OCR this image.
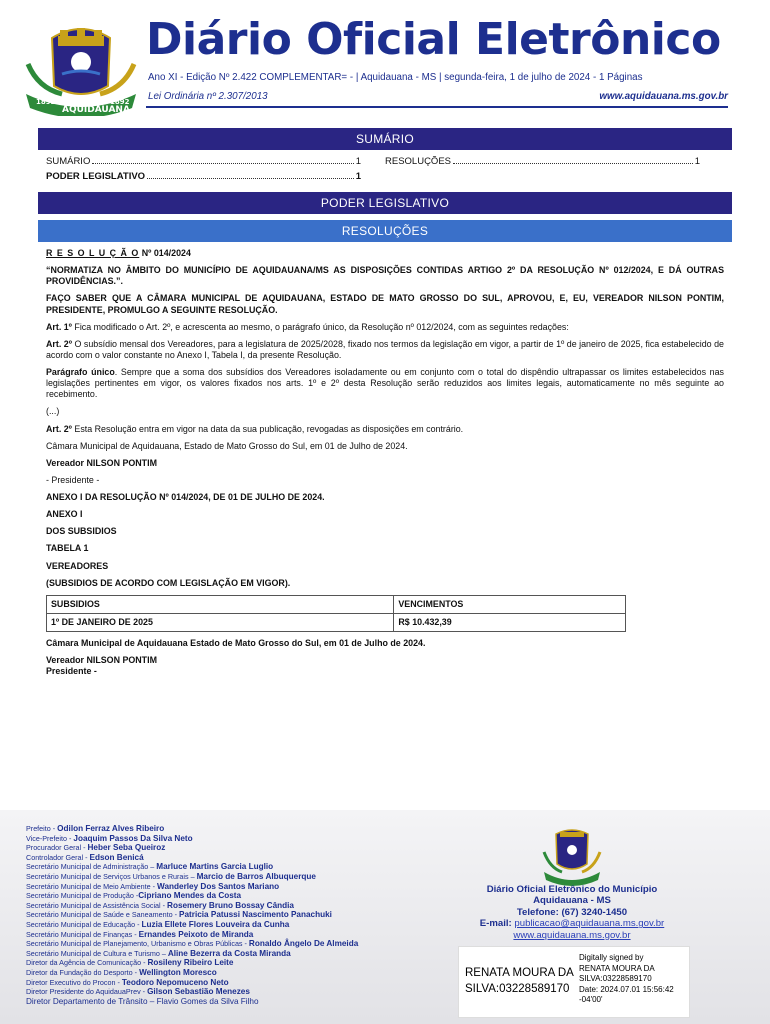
1892
AQUIDAUANA
1892
Diário Oficial Eletrônico
Ano XI - Edição Nº 2.422 COMPLEMENTAR= - | Aquidauana - MS | segunda-feira, 1 de julho de 2024 - 1 Páginas
Lei Ordinária nº 2.307/2013	www.aquidauana.ms.gov.br
SUMÁRIO
SUMÁRIO	1
PODER LEGISLATIVO	1
RESOLUÇÕES	1
PODER LEGISLATIVO
RESOLUÇÕES

R E S O L U Ç Ã O Nº 014/2024

“NORMATIZA NO ÂMBITO DO MUNICÍPIO DE AQUIDAUANA/MS AS DISPOSIÇÕES CONTIDAS ARTIGO 2º DA RESOLUÇÃO Nº 012/2024, E DÁ OUTRAS PROVIDÊNCIAS.”.

FAÇO SABER QUE A CÂMARA MUNICIPAL DE AQUIDAUANA, ESTADO DE MATO GROSSO DO SUL, APROVOU, E, EU, VEREADOR NILSON PONTIM, PRESIDENTE, PROMULGO A SEGUINTE RESOLUÇÃO.

Art. 1º Fica modificado o Art. 2º, e acrescenta ao mesmo, o parágrafo único, da Resolução nº 012/2024, com as seguintes redações:

Art. 2º O subsídio mensal dos Vereadores, para a legislatura de 2025/2028, fixado nos termos da legislação em vigor, a partir de 1º de janeiro de 2025, fica estabelecido de acordo com o valor constante no Anexo I, Tabela I, da presente Resolução.

Parágrafo único. Sempre que a soma dos subsídios dos Vereadores isoladamente ou em conjunto com o total do dispêndio ultrapassar os limites estabelecidos nas legislações pertinentes em vigor, os valores fixados nos arts. 1º e 2º desta Resolução serão reduzidos aos limites legais, automaticamente no mês seguinte ao recebimento.

(...)

Art. 2º Esta Resolução entra em vigor na data da sua publicação, revogadas as disposições em contrário.

Câmara Municipal de Aquidauana, Estado de Mato Grosso do Sul, em 01 de Julho de 2024.

Vereador NILSON PONTIM

- Presidente -

ANEXO I DA RESOLUÇÃO Nº 014/2024, DE 01 DE JULHO DE 2024.

ANEXO I

DOS SUBSIDIOS

TABELA 1

VEREADORES

(SUBSIDIOS DE ACORDO COM LEGISLAÇÃO EM VIGOR).

SUBSIDIOS	VENCIMENTOS
1º DE JANEIRO DE 2025	R$ 10.432,39

Câmara Municipal de Aquidauana Estado de Mato Grosso do Sul, em 01 de Julho de 2024.

Vereador NILSON PONTIM

Presidente -

Prefeito - Odilon Ferraz Alves Ribeiro
Vice-Prefeito - Joaquim Passos Da Silva Neto
Procurador Geral - Heber Seba Queiroz
Controlador Geral - Edson Benicá
Secretário Municipal de Administração – Marluce Martins Garcia Luglio
Secretário Municipal de Serviços Urbanos e Rurais – Marcio de Barros Albuquerque
Secretário Municipal de Meio Ambiente - Wanderley Dos Santos Mariano
Secretário Municipal de Produção -Cipriano Mendes da Costa
Secretário Municipal de Assistência Social - Rosemery Bruno Bossay Cândia
Secretário Municipal de Saúde e Saneamento - Patricia Patussi Nascimento Panachuki
Secretário Municipal de Educação - Luzia Ellete Flores Louveira da Cunha
Secretário Municipal de Finanças - Ernandes Peixoto de Miranda
Secretário Municipal de Planejamento, Urbanismo e Obras Públicas - Ronaldo Ângelo De Almeida
Secretário Municipal de Cultura e Turismo – Aline Bezerra da Costa Miranda
Diretor da Agência de Comunicação - Rosileny Ribeiro Leite
Diretor da Fundação do Desporto - Wellington Moresco
Diretor Executivo do Procon - Teodoro Nepomuceno Neto
Diretor Presidente do AquidauaPrev - Gilson Sebastião Menezes
Diretor Departamento de Trânsito – Flavio Gomes da Silva Filho
Diário Oficial Eletrônico do Município
Aquidauana - MS
Telefone: (67) 3240-1450
E-mail: publicacao@aquidauana.ms.gov.br
www.aquidauana.ms.gov.br
RENATA MOURA DA SILVA:03228589170
Digitally signed by
RENATA MOURA DA
SILVA:03228589170
Date: 2024.07.01 15:56:42
-04'00'
